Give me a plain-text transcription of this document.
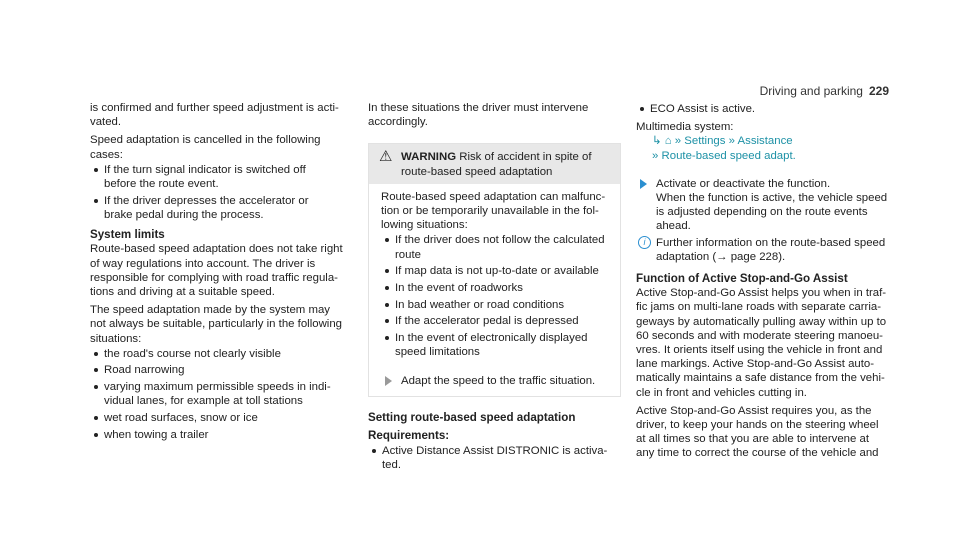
Driving and parking 229

is confirmed and further speed adjustment is acti-
vated.

Speed adaptation is cancelled in the following
cases:

If the turn signal indicator is switched off
before the route event.
If the driver depresses the accelerator or
brake pedal during the process.
System limits

Route-based speed adaptation does not take right
of way regulations into account. The driver is
responsible for complying with road traffic regula-
tions and driving at a suitable speed.

The speed adaptation made by the system may
not always be suitable, particularly in the following
situations:

the road's course not clearly visible
Road narrowing
varying maximum permissible speeds in indi-
vidual lanes, for example at toll stations
wet road surfaces, snow or ice
when towing a trailer

In these situations the driver must intervene
accordingly.

⚠ WARNING Risk of accident in spite of
route-based speed adaptation

Route-based speed adaptation can malfunc-
tion or be temporarily unavailable in the fol-
lowing situations:

If the driver does not follow the calculated
route
If map data is not up-to-date or available
In the event of roadworks
In bad weather or road conditions
If the accelerator pedal is depressed
In the event of electronically displayed
speed limitations
Adapt the speed to the traffic situation.
Setting route-based speed adaptation
Requirements:
Active Distance Assist DISTRONIC is activa-
ted.
ECO Assist is active.

Multimedia system:

↳ ⌂ » Settings » Assistance
» Route-based speed adapt.

Activate or deactivate the function.

When the function is active, the vehicle speed
is adjusted depending on the route events
ahead.

i Further information on the route-based speed
adaptation (→ page 228).

Function of Active Stop-and-Go Assist

Active Stop-and-Go Assist helps you when in traf-
fic jams on multi-lane roads with separate carria-
geways by automatically pulling away within up to
60 seconds and with moderate steering manoeu-
vres. It orients itself using the vehicle in front and
lane markings. Active Stop-and-Go Assist auto-
matically maintains a safe distance from the vehi-
cle in front and vehicles cutting in.

Active Stop-and-Go Assist requires you, as the
driver, to keep your hands on the steering wheel
at all times so that you are able to intervene at
any time to correct the course of the vehicle and
